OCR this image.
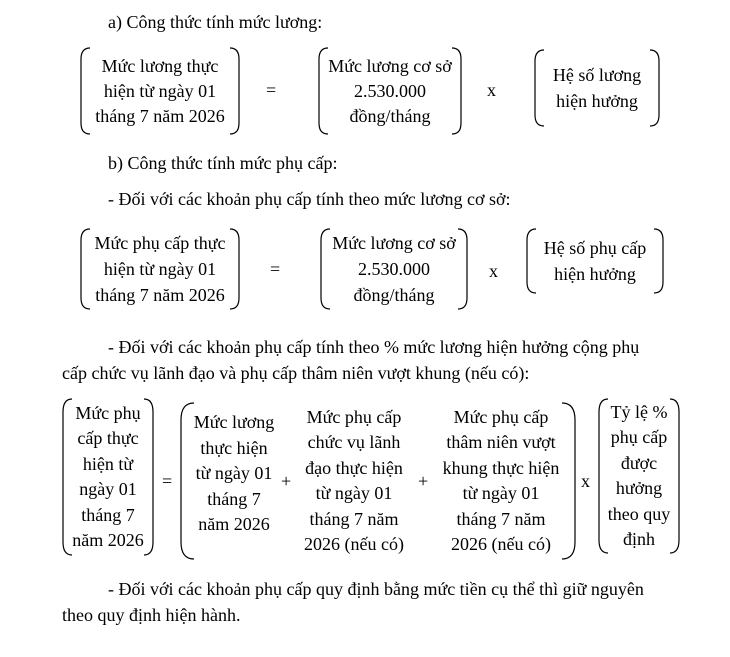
a) Công thức tính mức lương:
Mức lương thực
hiện từ ngày 01
tháng 7 năm 2026
=
Mức lương cơ sở
2.530.000
đồng/tháng
x
Hệ số lương
hiện hưởng
b) Công thức tính mức phụ cấp:
- Đối với các khoản phụ cấp tính theo mức lương cơ sở:
Mức phụ cấp thực
hiện từ ngày 01
tháng 7 năm 2026
=
Mức lương cơ sở
2.530.000
đồng/tháng
x
Hệ số phụ cấp
hiện hưởng
- Đối với các khoản phụ cấp tính theo % mức lương hiện hưởng cộng phụ
cấp chức vụ lãnh đạo và phụ cấp thâm niên vượt khung (nếu có):
Mức phụ
cấp thực
hiện từ
ngày 01
tháng 7
năm 2026
=
Mức lương
thực hiện
từ ngày 01
tháng 7
năm 2026
+
Mức phụ cấp
chức vụ lãnh
đạo thực hiện
từ ngày 01
tháng 7 năm
2026 (nếu có)
+
Mức phụ cấp
thâm niên vượt
khung thực hiện
từ ngày 01
tháng 7 năm
2026 (nếu có)
x
Tỷ lệ %
phụ cấp
được
hưởng
theo quy
định
- Đối với các khoản phụ cấp quy định bằng mức tiền cụ thể thì giữ nguyên
theo quy định hiện hành.
